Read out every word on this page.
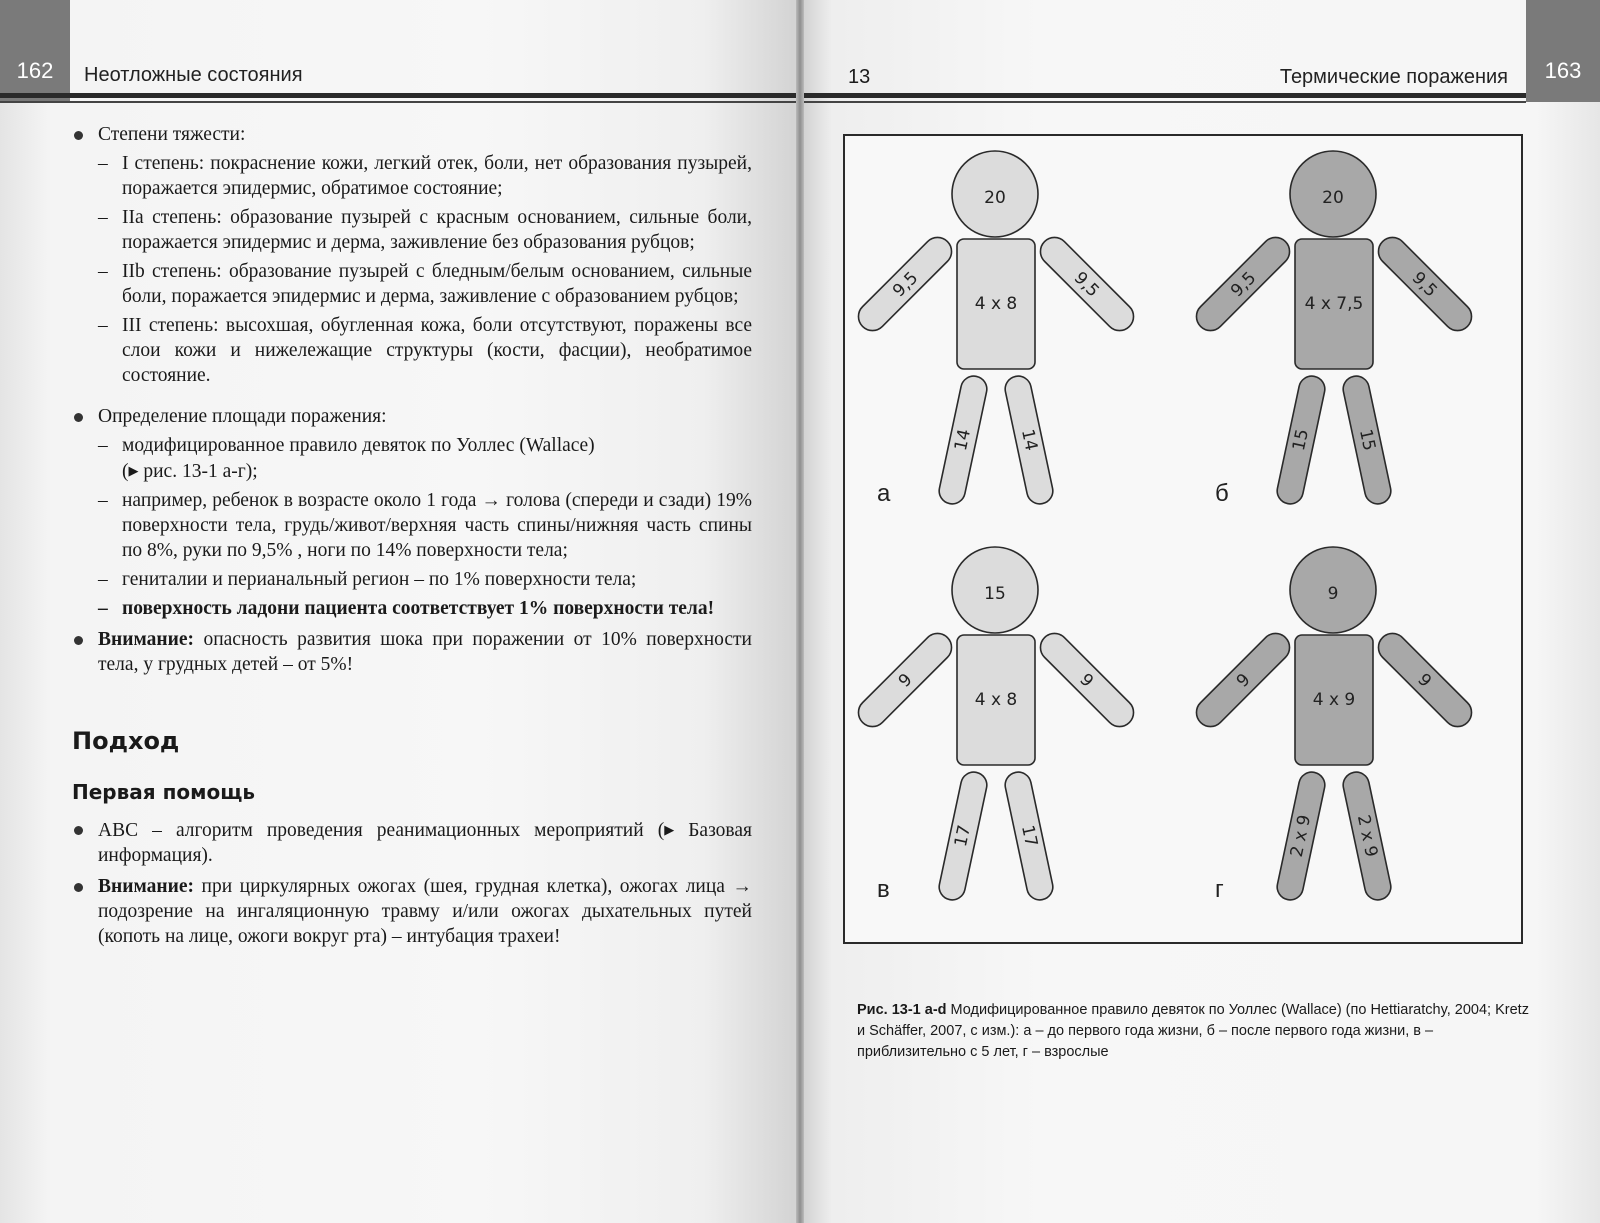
162 Неотложные состояния

Степени тяжести:

– I степень: покраснение кожи, легкий отек, боли, нет образования пузырей, поражается эпидермис, обратимое состояние;

– IIа степень: образование пузырей с красным основанием, сильные боли, поражается эпидермис и дерма, заживление без образования рубцов;

– IIb степень: образование пузырей с бледным/белым основанием, сильные боли, поражается эпидермис и дерма, заживление с образованием рубцов;

– III степень: высохшая, обугленная кожа, боли отсутствуют, поражены все слои кожи и нижележащие структуры (кости, фасции), необратимое состояние.

Определение площади поражения:

– модифицированное правило девяток по Уоллес (Wallace)
(▶ рис. 13-1 а-г);

– например, ребенок в возрасте около 1 года → голова (спереди и сзади) 19% поверхности тела, грудь/живот/верхняя часть спины/нижняя часть спины по 8%, руки по 9,5% , ноги по 14% поверхности тела;

– гениталии и перианальный регион – по 1% поверхности тела;

– поверхность ладони пациента соответствует 1% поверхности тела!

Внимание: опасность развития шока при поражении от 10% поверхности тела, у грудных детей – от 5%!

Подход

Первая помощь

ABC – алгоритм проведения реанимационных мероприятий (▶ Базовая информация).

Внимание: при циркулярных ожогах (шея, грудная клетка), ожогах лица → подозрение на ингаляционную травму и/или ожогах дыхательных путей (копоть на лице, ожоги вокруг рта) – интубация трахеи!

163
Термические поражения
13
20
4 x 8
9,5	9,5
14 14
а
20
4 x 7,5
9,5	9,5
15 15
б
15
4 x 8
9	9
17 17
в
9
4 x 9
9	9
2 x 9 2 x 9
г
Рис. 13-1 a-d Модифицированное правило девяток по Уоллес (Wallace) (по Hettiaratchy, 2004; Kretz и Schäffer, 2007, с изм.): а – до первого года жизни, б – после первого года жизни, в – приблизительно с 5 лет, г – взрослые
